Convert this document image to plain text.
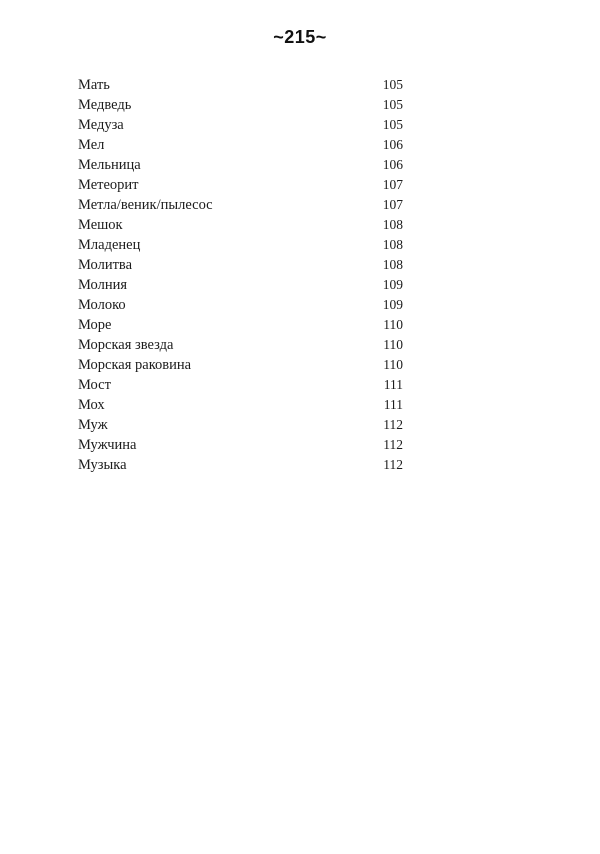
~215~
Мать	105
Медведь	105
Медуза	105
Мел	106
Мельница	106
Метеорит	107
Метла/веник/пылесос	107
Мешок	108
Младенец	108
Молитва	108
Молния	109
Молоко	109
Море	110
Морская звезда	110
Морская раковина	110
Мост	111
Мох	111
Муж	112
Мужчина	112
Музыка	112
